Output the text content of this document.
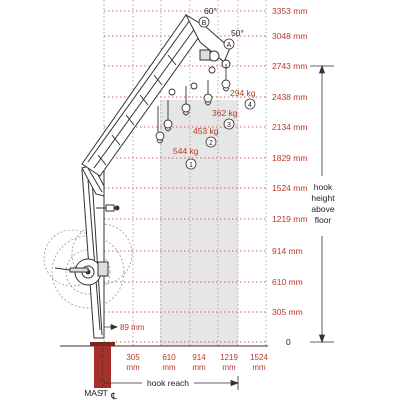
3353 mm
3048 mm
2743 mm
2438 mm
2134 mm
1829 mm
1524 mm
1219 mm
914 mm
610 mm
305 mm
0
hook
height
above
floor
305
mm
610
mm
914
mm
1219
mm
1524
mm
hook reach
MAST ℄
89 mm
60°
B
50°
A
294 kg
4
362 kg
3
453 kg
2
544 kg
1
